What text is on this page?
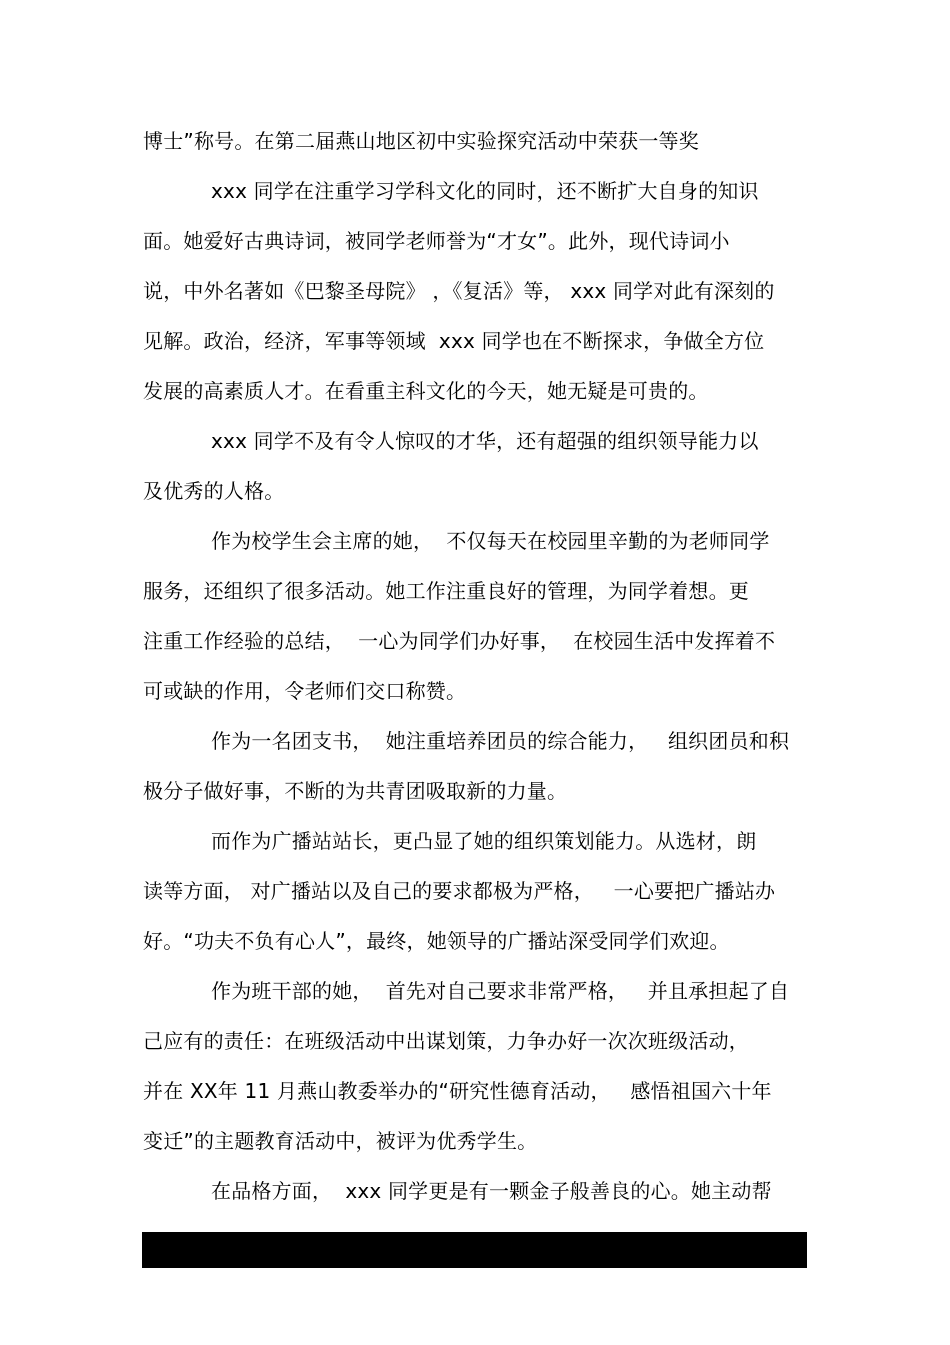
博士”称号。在第二届燕山地区初中实验探究活动中荣获一等奖
xxx 同学在注重学习学科文化的同时，还不断扩大自身的知识
面。她爱好古典诗词，被同学老师誉为“才女”。此外，现代诗词小
说，中外名著如《巴黎圣母院》 ，《复活》等， xxx 同学对此有深刻的
见解。政治，经济，军事等领域  xxx 同学也在不断探求，争做全方位
发展的高素质人才。在看重主科文化的今天，她无疑是可贵的。
xxx 同学不及有令人惊叹的才华，还有超强的组织领导能力以
及优秀的人格。
作为校学生会主席的她，  不仅每天在校园里辛勤的为老师同学
服务，还组织了很多活动。她工作注重良好的管理，为同学着想。更
注重工作经验的总结，  一心为同学们办好事，  在校园生活中发挥着不
可或缺的作用，令老师们交口称赞。
作为一名团支书，  她注重培养团员的综合能力，   组织团员和积
极分子做好事，不断的为共青团吸取新的力量。
而作为广播站站长，更凸显了她的组织策划能力。从选材，朗
读等方面， 对广播站以及自己的要求都极为严格，   一心要把广播站办
好。“功夫不负有心人”，最终，她领导的广播站深受同学们欢迎。
作为班干部的她，  首先对自己要求非常严格，   并且承担起了自
己应有的责任：在班级活动中出谋划策，力争办好一次次班级活动，
并在 XX年 11 月燕山教委举办的“研究性德育活动，   感悟祖国六十年
变迁”的主题教育活动中，被评为优秀学生。
在品格方面，  xxx 同学更是有一颗金子般善良的心。她主动帮
